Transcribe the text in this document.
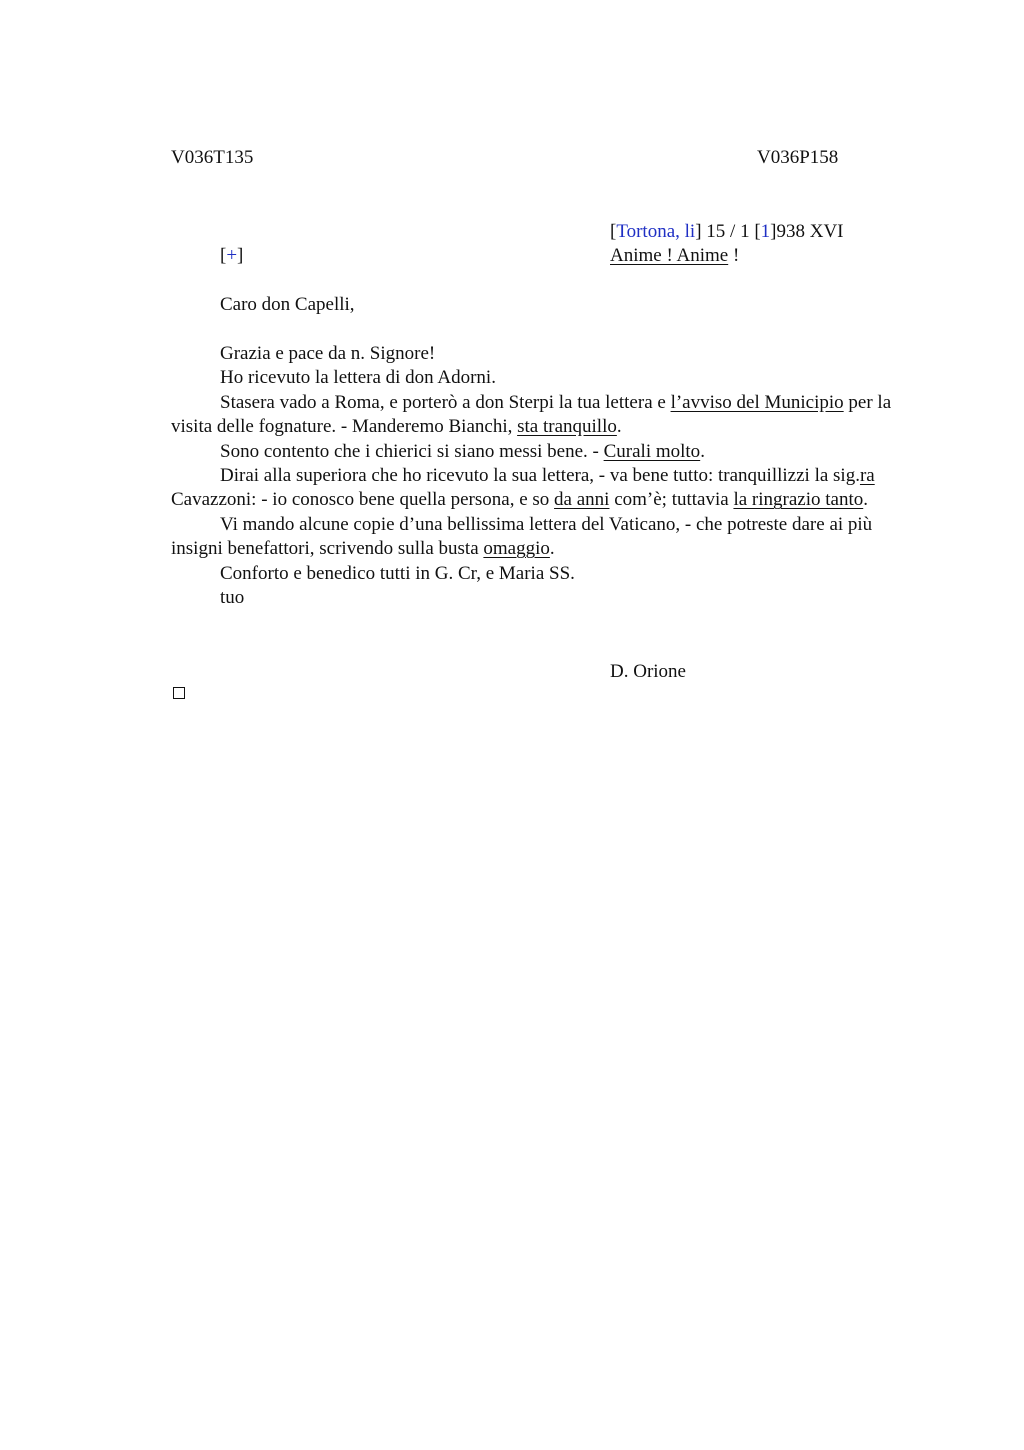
V036T135	V036P158
[Tortona, li] 15 / 1 [1]938 XVI
Anime ! Anime !
[+]
Caro don Capelli,

Grazia e pace da n. Signore!

Ho ricevuto la lettera di don Adorni.

Stasera vado a Roma, e porterò a don Sterpi la tua lettera e l’avviso del Municipio per la visita delle fognature. - Manderemo Bianchi, sta tranquillo.

Sono contento che i chierici si siano messi bene. - Curali molto.

Dirai alla superiora che ho ricevuto la sua lettera, - va bene tutto: tranquillizzi la sig.ra Cavazzoni: - io conosco bene quella persona, e so da anni com’è; tuttavia la ringrazio tanto.

Vi mando alcune copie d’una bellissima lettera del Vaticano, - che potreste dare ai più insigni benefattori, scrivendo sulla busta omaggio.

Conforto e benedico tutti in G. Cr, e Maria SS.

tuo

D. Orione
